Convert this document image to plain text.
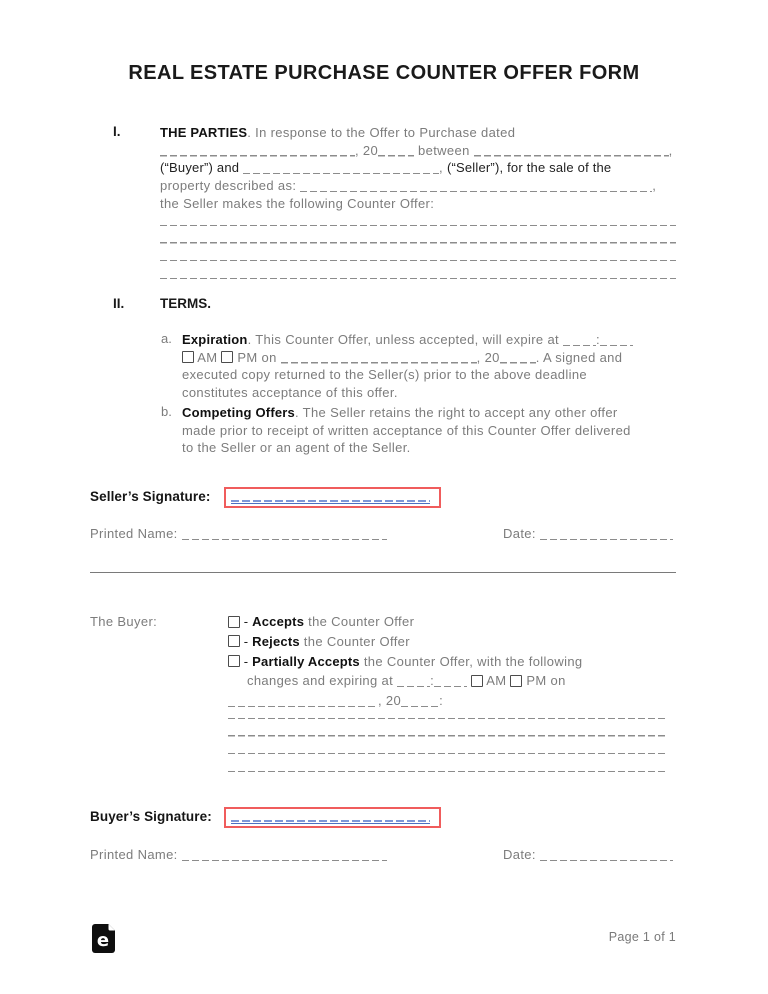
REAL ESTATE PURCHASE COUNTER OFFER FORM
I.	THE PARTIES. In response to the Offer to Purchase dated
, 20	between	,
(“Buyer”) and	, (“Seller”), for the sale of the
property described as:	,
the Seller makes the following Counter Offer:
II.	TERMS.
a. Expiration. This Counter Offer, unless accepted, will expire at	:
AM  PM on	, 20	. A signed and
executed copy returned to the Seller(s) prior to the above deadline
constitutes acceptance of this offer.
b. Competing Offers. The Seller retains the right to accept any other offer
made prior to receipt of written acceptance of this Counter Offer delivered
to the Seller or an agent of the Seller.
Seller’s Signature:
Printed Name:	Date:
The Buyer:	- Accepts the Counter Offer
- Rejects the Counter Offer
- Partially Accepts the Counter Offer, with the following
changes and expiring at	:	AM  PM on
, 20	:
Buyer’s Signature:
Printed Name:	Date:
e	Page 1 of 1
